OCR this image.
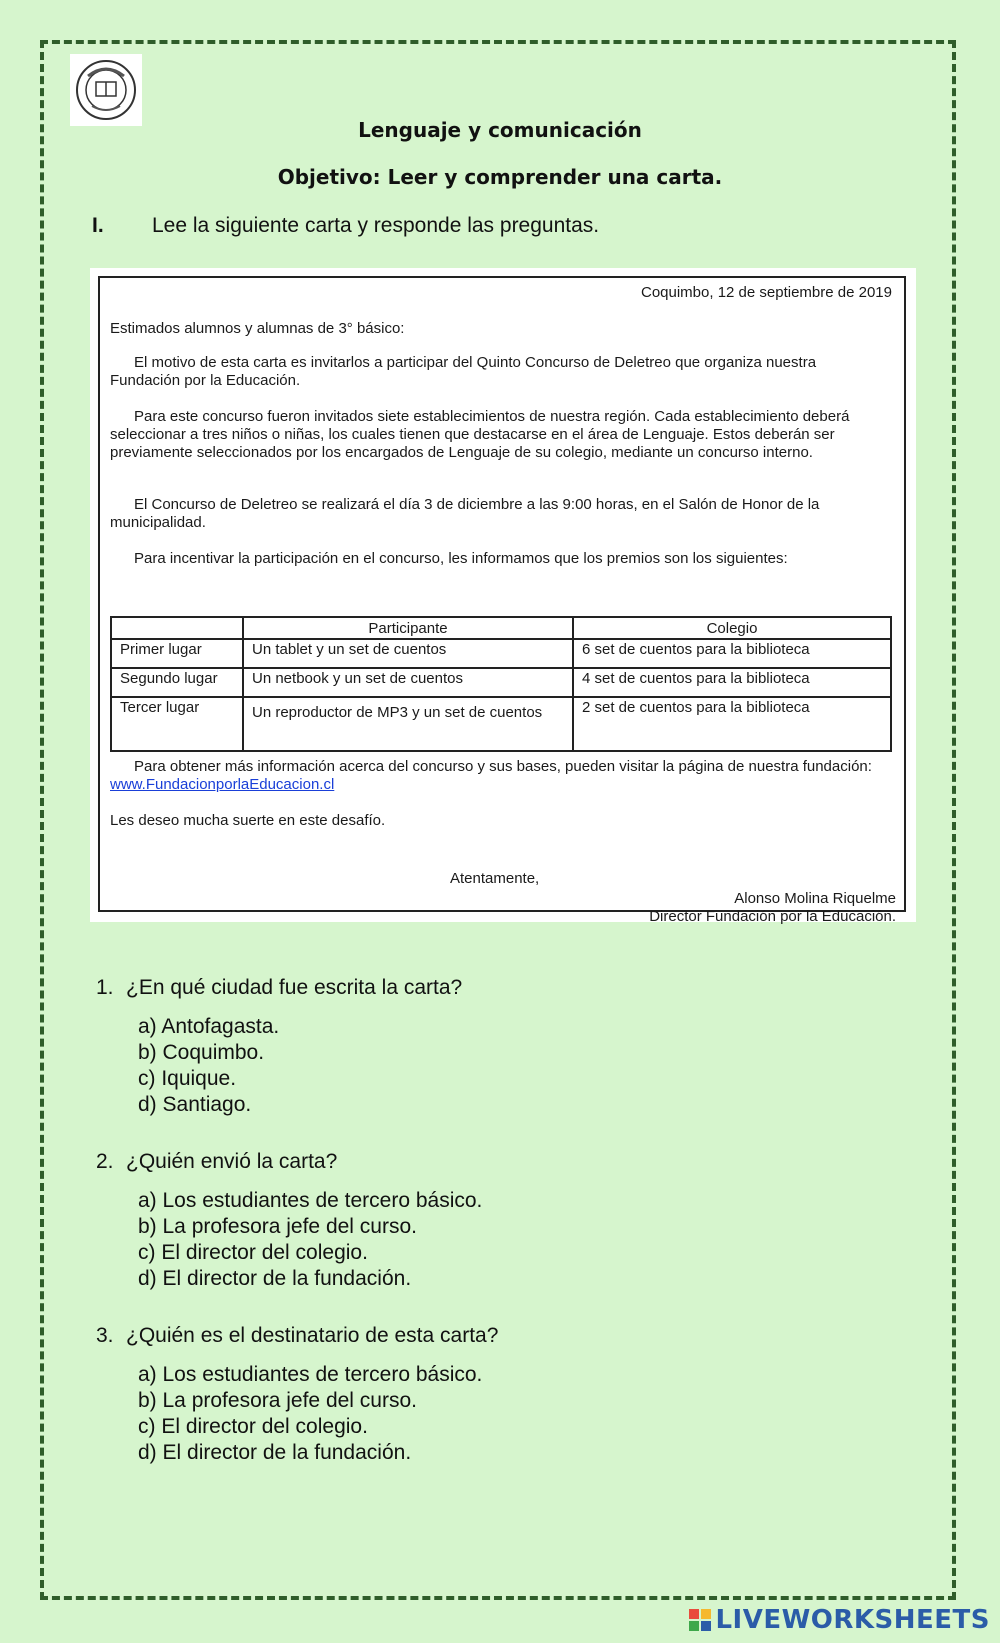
Lenguaje y comunicación
Objetivo: Leer y comprender una carta.
I. Lee la siguiente carta y responde las preguntas.

Coquimbo, 12 de septiembre de 2019

Estimados alumnos y alumnas de 3° básico:

El motivo de esta carta es invitarlos a participar del Quinto Concurso de Deletreo que organiza nuestra Fundación por la Educación.

Para este concurso fueron invitados siete establecimientos de nuestra región. Cada establecimiento deberá seleccionar a tres niños o niñas, los cuales tienen que destacarse en el área de Lenguaje. Estos deberán ser previamente seleccionados por los encargados de Lenguaje de su colegio, mediante un concurso interno.

El Concurso de Deletreo se realizará el día 3 de diciembre a las 9:00 horas, en el Salón de Honor de la municipalidad.

Para incentivar la participación en el concurso, les informamos que los premios son los siguientes:

	Participante	Colegio
Primer lugar	Un tablet y un set de cuentos	6 set de cuentos para la biblioteca
Segundo lugar	Un netbook y un set de cuentos	4 set de cuentos para la biblioteca
Tercer lugar	Un reproductor de MP3 y un set de cuentos	2 set de cuentos para la biblioteca

Para obtener más información acerca del concurso y sus bases, pueden visitar la página de nuestra fundación: www.FundacionporlaEducacion.cl

Les deseo mucha suerte en este desafío.

Atentamente,

Alonso Molina Riquelme

Director Fundación por la Educación.

1. ¿En qué ciudad fue escrita la carta?
a) Antofagasta.
b) Coquimbo.
c) Iquique.
d) Santiago.
2. ¿Quién envió la carta?
a) Los estudiantes de tercero básico.
b) La profesora jefe del curso.
c) El director del colegio.
d) El director de la fundación.
3. ¿Quién es el destinatario de esta carta?
a) Los estudiantes de tercero básico.
b) La profesora jefe del curso.
c) El director del colegio.
d) El director de la fundación.
LIVEWORKSHEETS
